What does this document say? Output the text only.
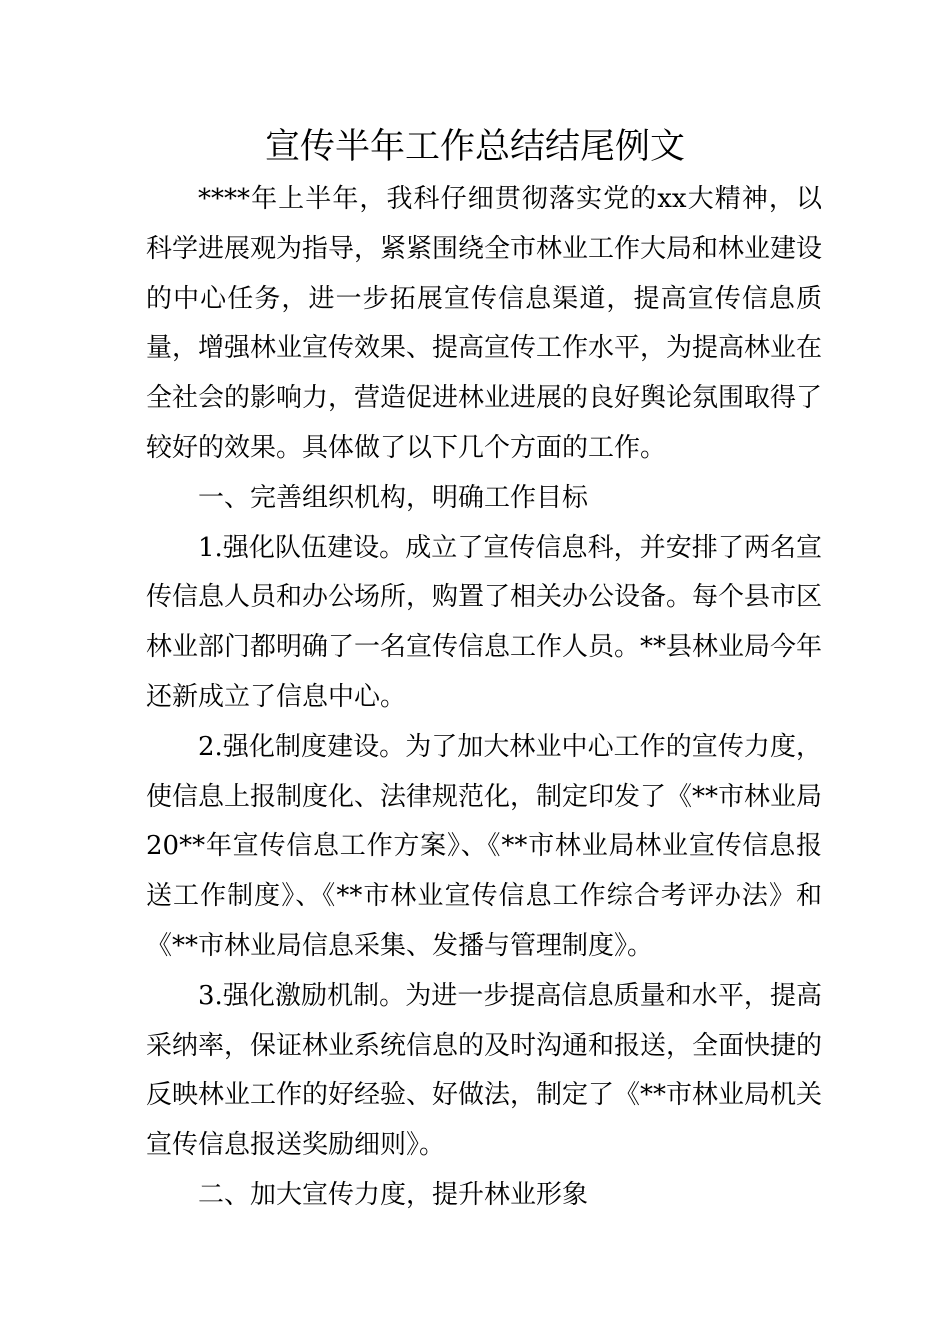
宣传半年工作总结结尾例文

****年上半年，我科仔细贯彻落实党的xx大精神，以科学进展观为指导，紧紧围绕全市林业工作大局和林业建设的中心任务，进一步拓展宣传信息渠道，提高宣传信息质量，增强林业宣传效果、提高宣传工作水平，为提高林业在全社会的影响力，营造促进林业进展的良好舆论氛围取得了较好的效果。具体做了以下几个方面的工作。

一、完善组织机构，明确工作目标

1.强化队伍建设。成立了宣传信息科，并安排了两名宣传信息人员和办公场所，购置了相关办公设备。每个县市区林业部门都明确了一名宣传信息工作人员。**县林业局今年还新成立了信息中心。

2.强化制度建设。为了加大林业中心工作的宣传力度，使信息上报制度化、法律规范化，制定印发了《**市林业局20**年宣传信息工作方案》、《**市林业局林业宣传信息报送工作制度》、《**市林业宣传信息工作综合考评办法》和《**市林业局信息采集、发播与管理制度》。

3.强化激励机制。为进一步提高信息质量和水平，提高采纳率，保证林业系统信息的及时沟通和报送，全面快捷的反映林业工作的好经验、好做法，制定了《**市林业局机关宣传信息报送奖励细则》。

二、加大宣传力度，提升林业形象
